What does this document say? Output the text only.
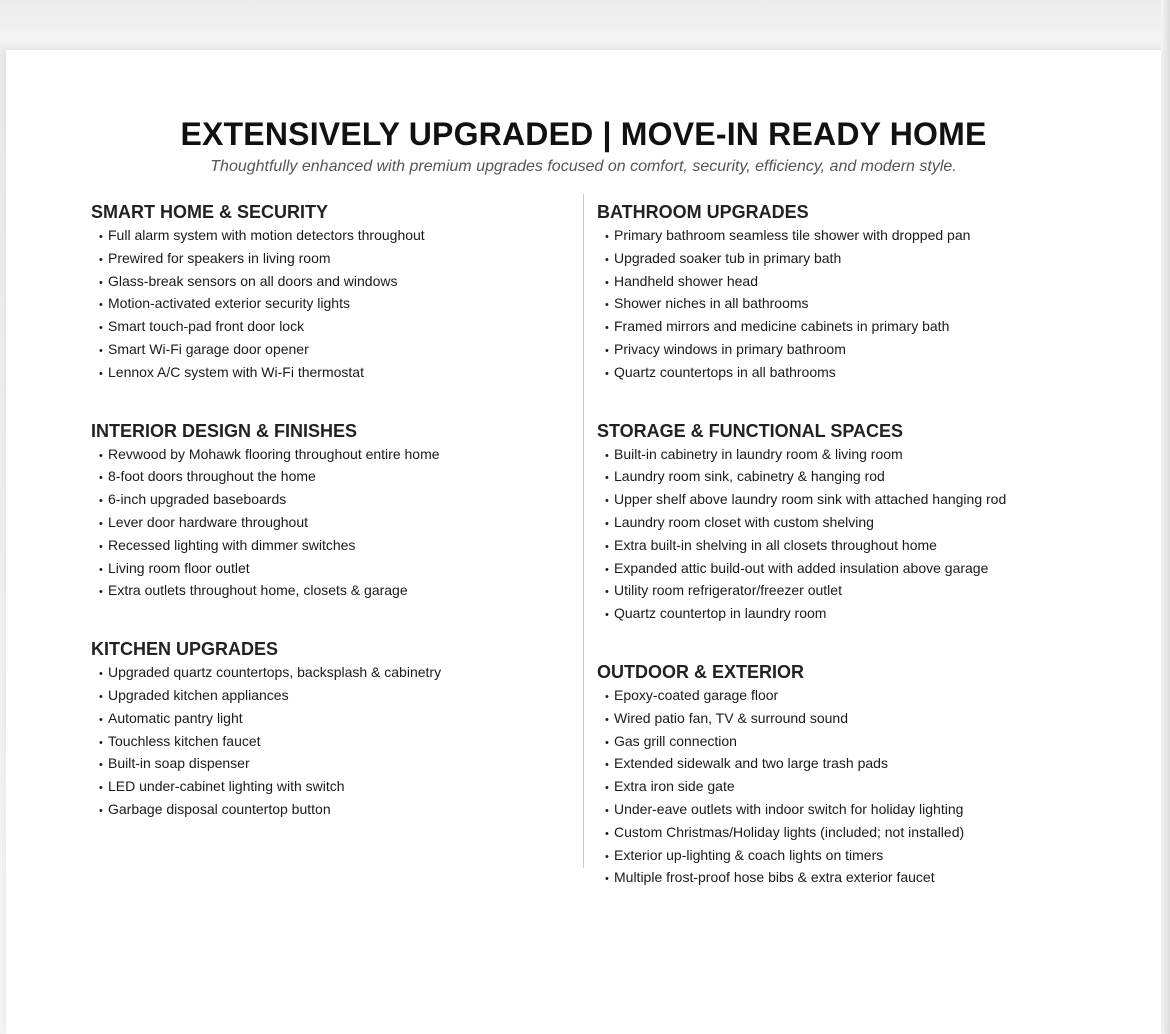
EXTENSIVELY UPGRADED | MOVE-IN READY HOME

Thoughtfully enhanced with premium upgrades focused on comfort, security, efficiency, and modern style.

SMART HOME & SECURITY
• Full alarm system with motion detectors throughout
• Prewired for speakers in living room
• Glass-break sensors on all doors and windows
• Motion-activated exterior security lights
• Smart touch-pad front door lock
• Smart Wi-Fi garage door opener
• Lennox A/C system with Wi-Fi thermostat
INTERIOR DESIGN & FINISHES
• Revwood by Mohawk flooring throughout entire home
• 8-foot doors throughout the home
• 6-inch upgraded baseboards
• Lever door hardware throughout
• Recessed lighting with dimmer switches
• Living room floor outlet
• Extra outlets throughout home, closets & garage
KITCHEN UPGRADES
• Upgraded quartz countertops, backsplash & cabinetry
• Upgraded kitchen appliances
• Automatic pantry light
• Touchless kitchen faucet
• Built-in soap dispenser
• LED under-cabinet lighting with switch
• Garbage disposal countertop button
BATHROOM UPGRADES
• Primary bathroom seamless tile shower with dropped pan
• Upgraded soaker tub in primary bath
• Handheld shower head
• Shower niches in all bathrooms
• Framed mirrors and medicine cabinets in primary bath
• Privacy windows in primary bathroom
• Quartz countertops in all bathrooms
STORAGE & FUNCTIONAL SPACES
• Built-in cabinetry in laundry room & living room
• Laundry room sink, cabinetry & hanging rod
• Upper shelf above laundry room sink with attached hanging rod
• Laundry room closet with custom shelving
• Extra built-in shelving in all closets throughout home
• Expanded attic build-out with added insulation above garage
• Utility room refrigerator/freezer outlet
• Quartz countertop in laundry room
OUTDOOR & EXTERIOR
• Epoxy-coated garage floor
• Wired patio fan, TV & surround sound
• Gas grill connection
• Extended sidewalk and two large trash pads
• Extra iron side gate
• Under-eave outlets with indoor switch for holiday lighting
• Custom Christmas/Holiday lights (included; not installed)
• Exterior up-lighting & coach lights on timers
• Multiple frost-proof hose bibs & extra exterior faucet
